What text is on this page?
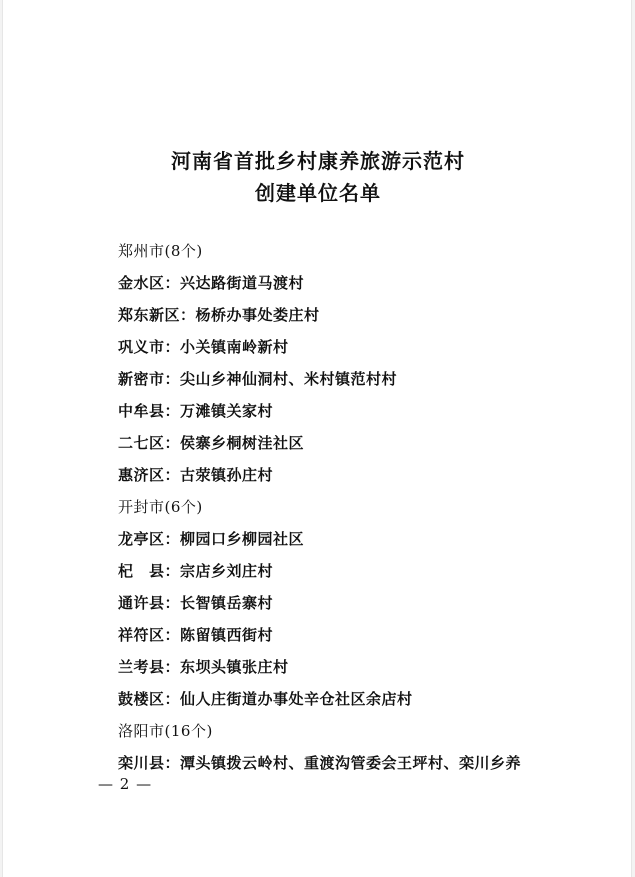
河南省首批乡村康养旅游示范村
创建单位名单
郑州市(8个)
金水区：兴达路街道马渡村
郑东新区：杨桥办事处娄庄村
巩义市：小关镇南岭新村
新密市：尖山乡神仙洞村、米村镇范村村
中牟县：万滩镇关家村
二七区：侯寨乡桐树洼社区
惠济区：古荥镇孙庄村
开封市(6个)
龙亭区：柳园口乡柳园社区
杞　县：宗店乡刘庄村
通许县：长智镇岳寨村
祥符区：陈留镇西街村
兰考县：东坝头镇张庄村
鼓楼区：仙人庄街道办事处辛仓社区余店村
洛阳市(16个)
栾川县：潭头镇拨云岭村、重渡沟管委会王坪村、栾川乡养
— 2 —
